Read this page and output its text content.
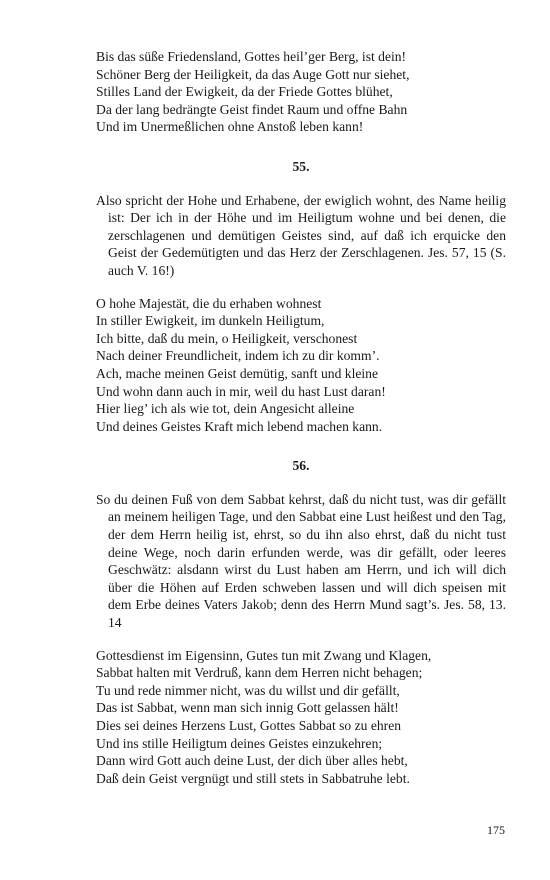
Bis das süße Friedensland, Gottes heil’ger Berg, ist dein!
Schöner Berg der Heiligkeit, da das Auge Gott nur siehet,
Stilles Land der Ewigkeit, da der Friede Gottes blühet,
Da der lang bedrängte Geist findet Raum und offne Bahn
Und im Unermeßlichen ohne Anstoß leben kann!
55.
Also spricht der Hohe und Erhabene, der ewiglich wohnt, des Name heilig ist: Der ich in der Höhe und im Heiligtum wohne und bei denen, die zerschlagenen und demütigen Geistes sind, auf daß ich erquicke den Geist der Gedemütigten und das Herz der Zerschlagenen. Jes. 57, 15 (S. auch V. 16!)
O hohe Majestät, die du erhaben wohnest
In stiller Ewigkeit, im dunkeln Heiligtum,
Ich bitte, daß du mein, o Heiligkeit, verschonest
Nach deiner Freundlicheit, indem ich zu dir komm’.
Ach, mache meinen Geist demütig, sanft und kleine
Und wohn dann auch in mir, weil du hast Lust daran!
Hier lieg’ ich als wie tot, dein Angesicht alleine
Und deines Geistes Kraft mich lebend machen kann.
56.
So du deinen Fuß von dem Sabbat kehrst, daß du nicht tust, was dir gefällt an meinem heiligen Tage, und den Sabbat eine Lust heißest und den Tag, der dem Herrn heilig ist, ehrst, so du ihn also ehrst, daß du nicht tust deine Wege, noch darin erfunden werde, was dir gefällt, oder leeres Geschwätz: alsdann wirst du Lust haben am Herrn, und ich will dich über die Höhen auf Erden schweben lassen und will dich speisen mit dem Erbe deines Vaters Jakob; denn des Herrn Mund sagt’s. Jes. 58, 13. 14
Gottesdienst im Eigensinn, Gutes tun mit Zwang und Klagen,
Sabbat halten mit Verdruß, kann dem Herren nicht behagen;
Tu und rede nimmer nicht, was du willst und dir gefällt,
Das ist Sabbat, wenn man sich innig Gott gelassen hält!
Dies sei deines Herzens Lust, Gottes Sabbat so zu ehren
Und ins stille Heiligtum deines Geistes einzukehren;
Dann wird Gott auch deine Lust, der dich über alles hebt,
Daß dein Geist vergnügt und still stets in Sabbatruhe lebt.
175
